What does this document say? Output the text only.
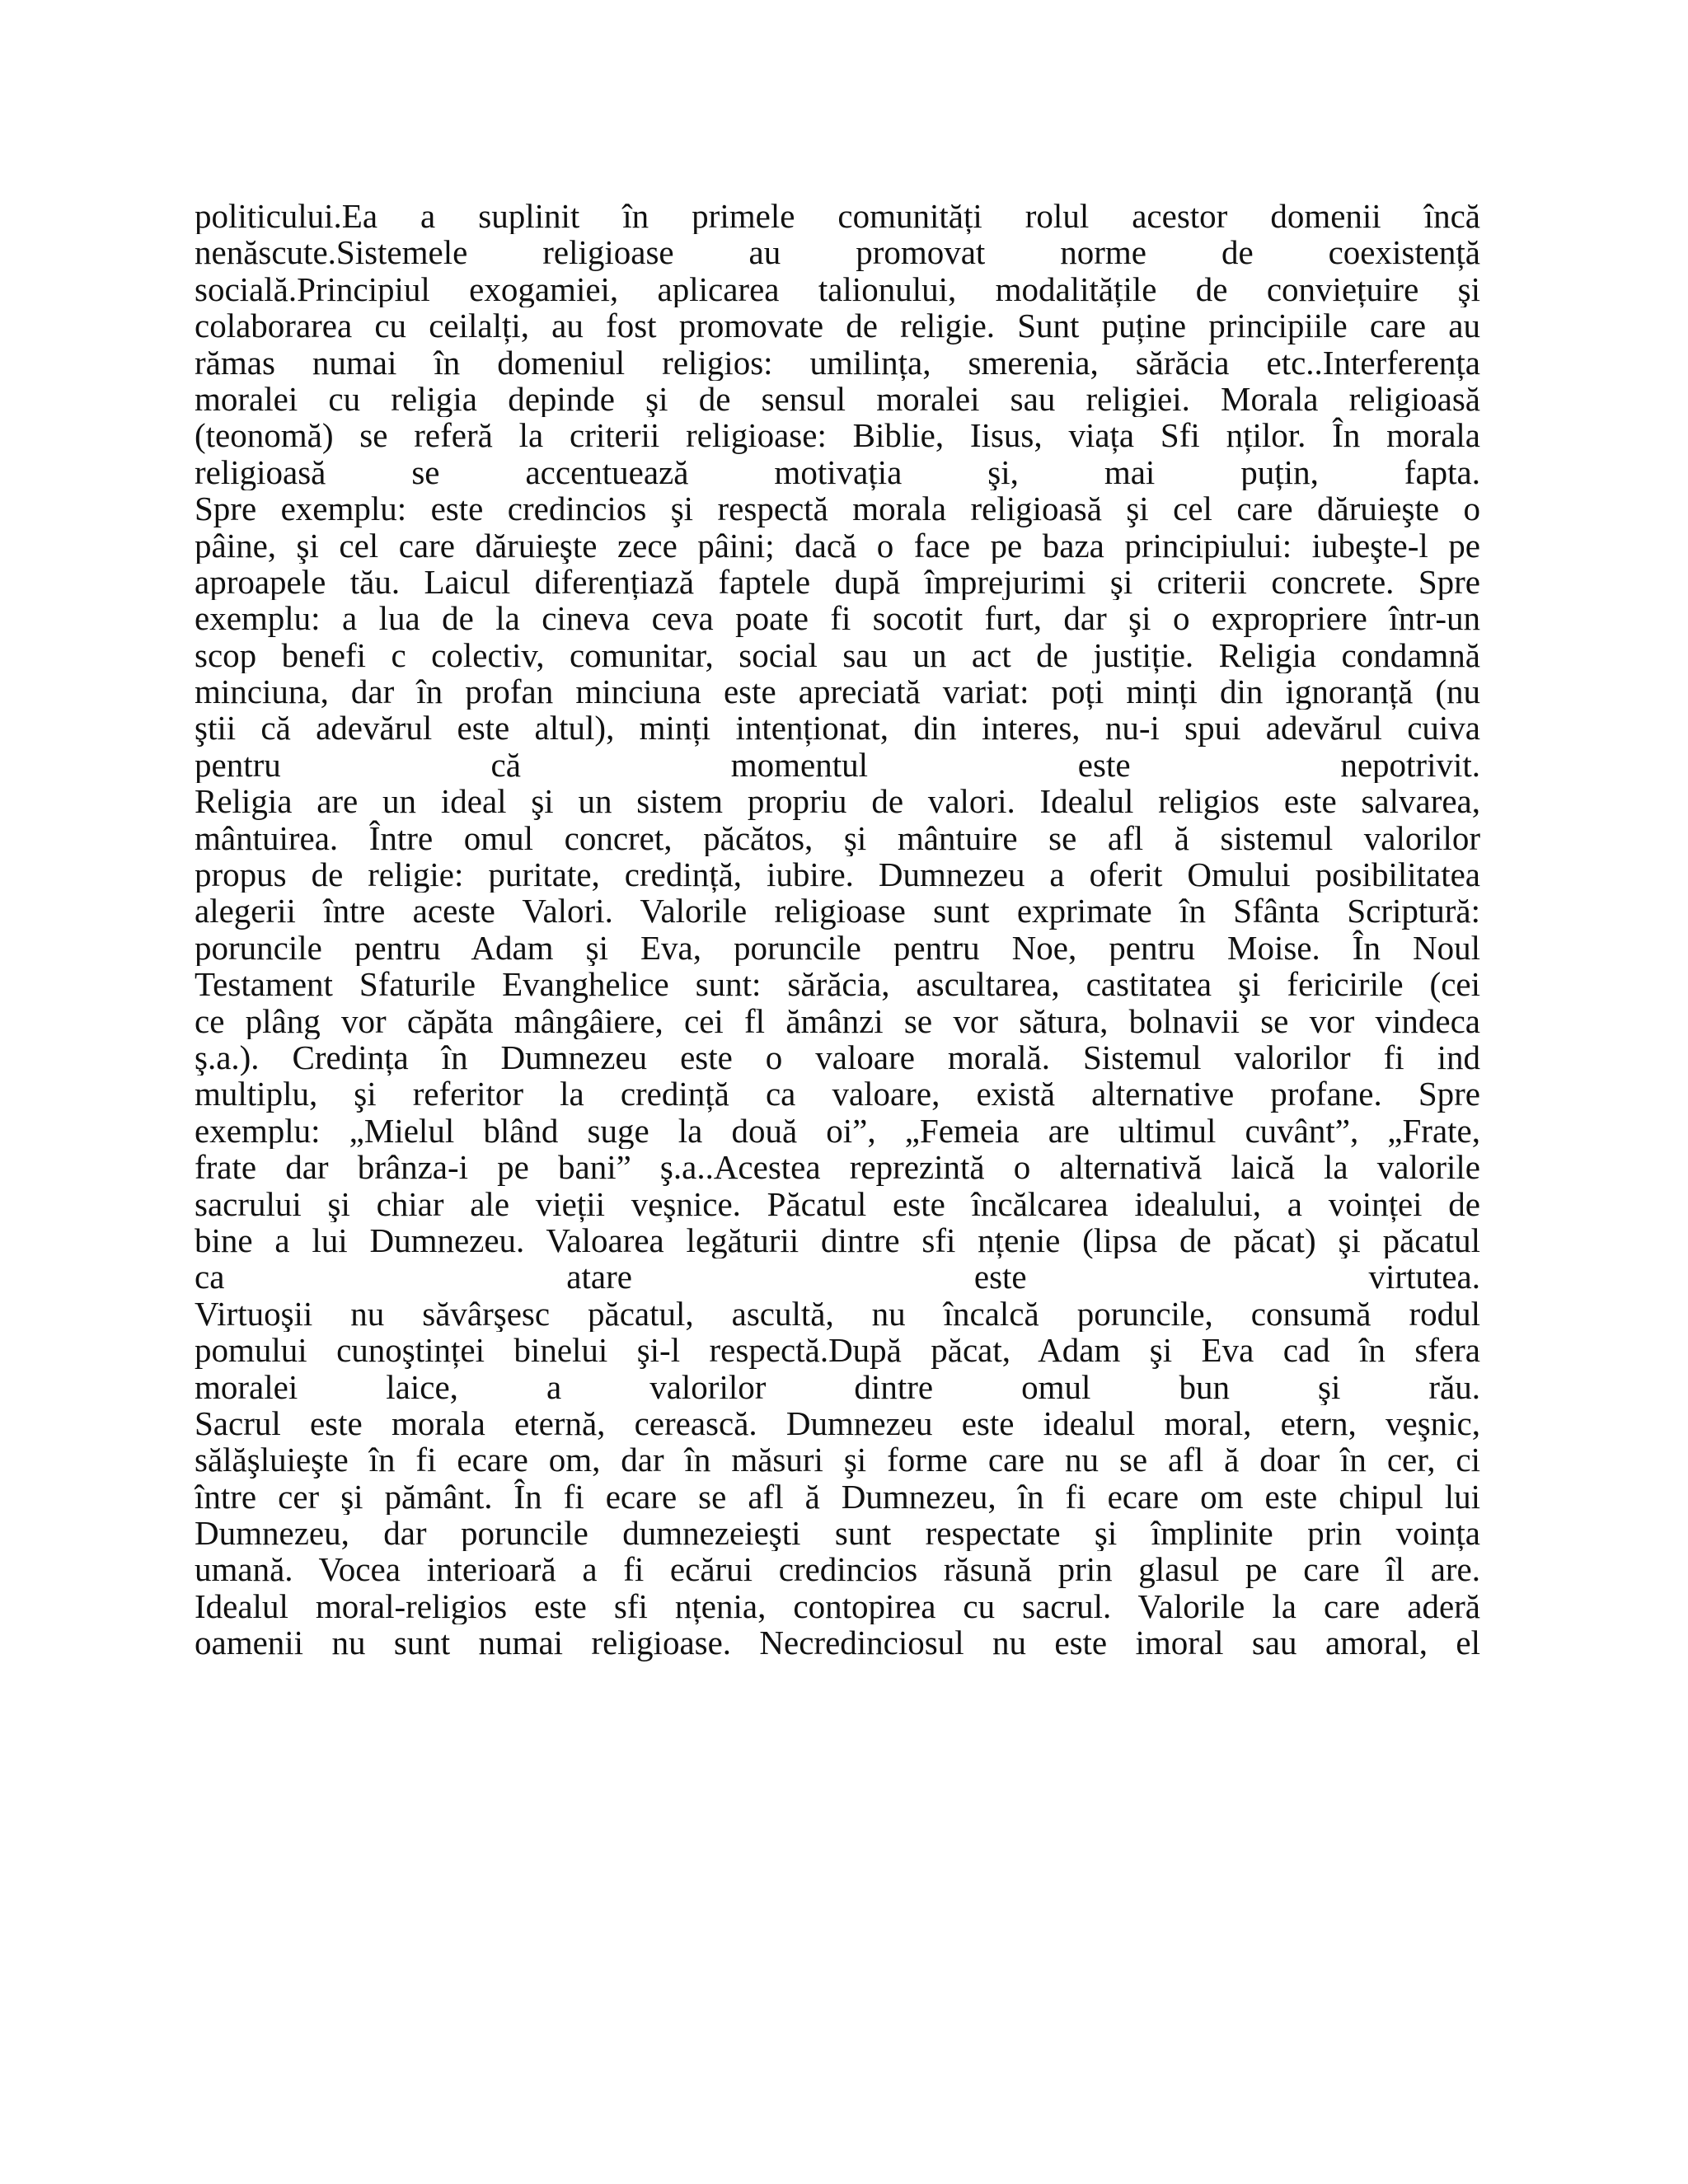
politicului.Ea a suplinit în primele comunități rolul acestor domenii încă
nenăscute.Sistemele religioase au promovat norme de coexistență
socială.Principiul exogamiei, aplicarea talionului, modalitățile de conviețuire şi
colaborarea cu ceilalți, au fost promovate de religie. Sunt puține principiile care au
rămas numai în domeniul religios: umilința, smerenia, sărăcia etc..Interferența
moralei cu religia depinde şi de sensul moralei sau religiei. Morala religioasă
(teonomă) se referă la criterii religioase: Biblie, Iisus, viața Sfi nților. În morala
religioasă se accentuează motivația şi, mai puțin, fapta.
Spre exemplu: este credincios şi respectă morala religioasă şi cel care dăruieşte o
pâine, şi cel care dăruieşte zece pâini; dacă o face pe baza principiului: iubeşte-l pe
aproapele tău. Laicul diferențiază faptele după împrejurimi şi criterii concrete. Spre
exemplu: a lua de la cineva ceva poate fi socotit furt, dar şi o expropriere într-un
scop benefi c colectiv, comunitar, social sau un act de justiție. Religia condamnă
minciuna, dar în profan minciuna este apreciată variat: poți minți din ignoranță (nu
ştii că adevărul este altul), minți intenționat, din interes, nu-i spui adevărul cuiva
pentru că momentul este nepotrivit.
Religia are un ideal şi un sistem propriu de valori. Idealul religios este salvarea,
mântuirea. Între omul concret, păcătos, şi mântuire se afl ă sistemul valorilor
propus de religie: puritate, credință, iubire. Dumnezeu a oferit Omului posibilitatea
alegerii între aceste Valori. Valorile religioase sunt exprimate în Sfânta Scriptură:
poruncile pentru Adam şi Eva, poruncile pentru Noe, pentru Moise. În Noul
Testament Sfaturile Evanghelice sunt: sărăcia, ascultarea, castitatea şi fericirile (cei
ce plâng vor căpăta mângâiere, cei fl ămânzi se vor sătura, bolnavii se vor vindeca
ş.a.). Credința în Dumnezeu este o valoare morală. Sistemul valorilor fi ind
multiplu, şi referitor la credință ca valoare, există alternative profane. Spre
exemplu: „Mielul blând suge la două oi”, „Femeia are ultimul cuvânt”, „Frate,
frate dar brânza-i pe bani” ş.a..Acestea reprezintă o alternativă laică la valorile
sacrului şi chiar ale vieții veşnice. Păcatul este încălcarea idealului, a voinței de
bine a lui Dumnezeu. Valoarea legăturii dintre sfi nțenie (lipsa de păcat) şi păcatul
ca atare este virtutea.
Virtuoşii nu săvârşesc păcatul, ascultă, nu încalcă poruncile, consumă rodul
pomului cunoştinței binelui şi-l respectă.După păcat, Adam şi Eva cad în sfera
moralei laice, a valorilor dintre omul bun şi rău.
Sacrul este morala eternă, cerească. Dumnezeu este idealul moral, etern, veşnic,
sălăşluieşte în fi ecare om, dar în măsuri şi forme care nu se afl ă doar în cer, ci
între cer şi pământ. În fi ecare se afl ă Dumnezeu, în fi ecare om este chipul lui
Dumnezeu, dar poruncile dumnezeieşti sunt respectate şi împlinite prin voința
umană. Vocea interioară a fi ecărui credincios răsună prin glasul pe care îl are.
Idealul moral-religios este sfi nțenia, contopirea cu sacrul. Valorile la care aderă
oamenii nu sunt numai religioase. Necredinciosul nu este imoral sau amoral, el
